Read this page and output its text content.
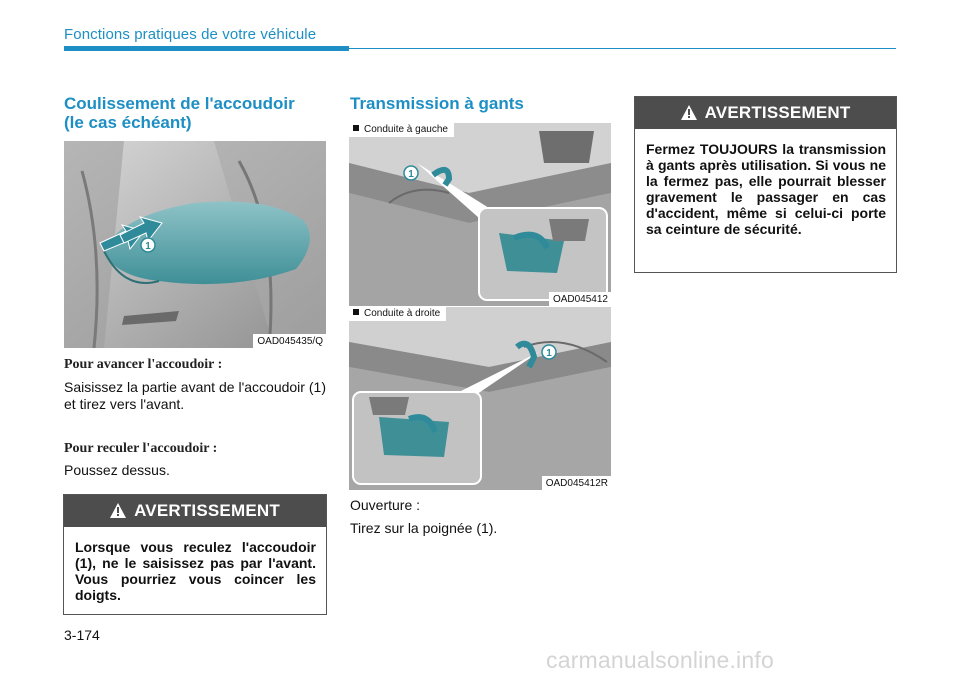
Fonctions pratiques de votre véhicule
Coulissement de l'accoudoir
(le cas échéant)
1
OAD045435/Q
Pour avancer l'accoudoir :
Saisissez la partie avant de l'accoudoir (1) et tirez vers l'avant.
Pour reculer l'accoudoir :
Poussez dessus.
AVERTISSEMENT
Lorsque vous reculez l'accoudoir (1), ne le saisissez pas par l'avant. Vous pourriez vous coincer les doigts.
Transmission à gants
1
Conduite à gauche
OAD045412
1
Conduite à droite
OAD045412R
Ouverture :
Tirez sur la poignée (1).
AVERTISSEMENT
Fermez TOUJOURS la transmission à gants après utilisation. Si vous ne la fermez pas, elle pourrait blesser gravement le passager en cas d'accident, même si celui-ci porte sa ceinture de sécurité.
3-174
carmanualsonline.info
